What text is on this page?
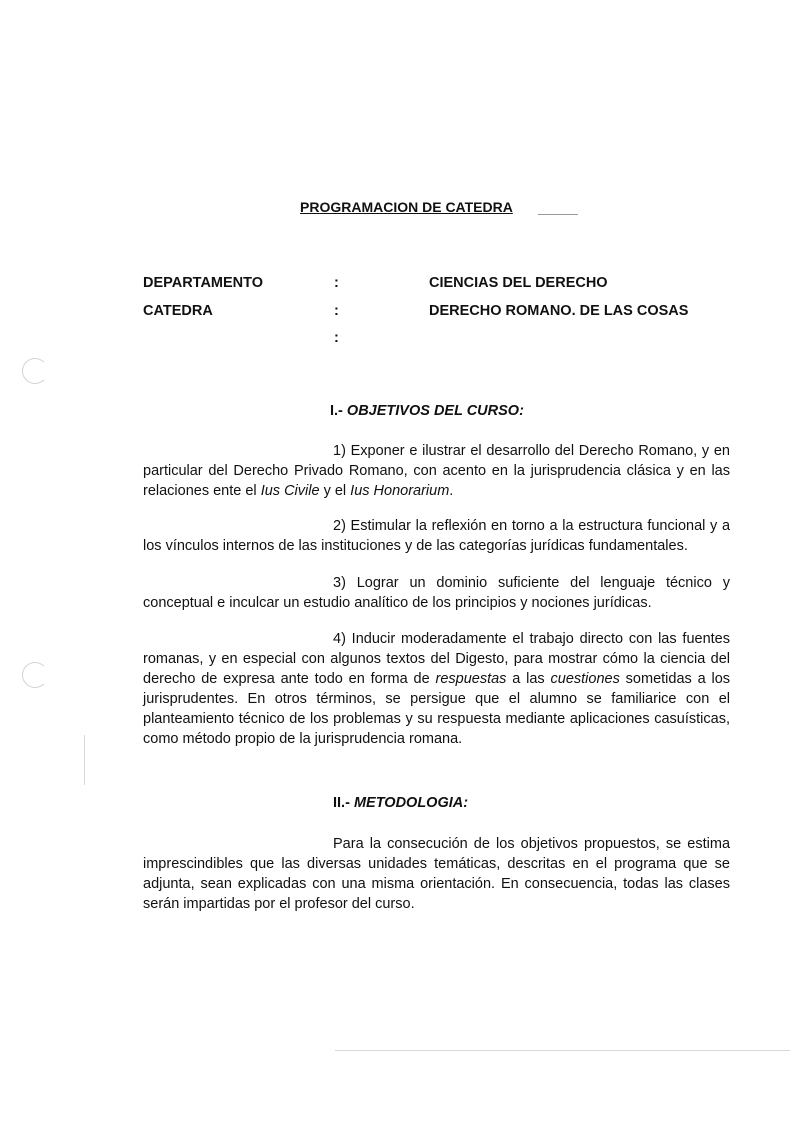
PROGRAMACION DE CATEDRA
DEPARTAMENTO	:	CIENCIAS DEL DERECHO
CATEDRA	:	DERECHO ROMANO. DE LAS COSAS
:
I.- OBJETIVOS DEL CURSO:
1) Exponer e ilustrar el desarrollo del Derecho Romano, y en particular del Derecho Privado Romano, con acento en la jurisprudencia clásica y en las relaciones ente el Ius Civile y el Ius Honorarium.
2) Estimular la reflexión en torno a la estructura funcional y a los vínculos internos de las instituciones y de las categorías jurídicas fundamentales.
3) Lograr un dominio suficiente del lenguaje técnico y conceptual e inculcar un estudio analítico de los principios y nociones jurídicas.
4) Inducir moderadamente el trabajo directo con las fuentes romanas, y en especial con algunos textos del Digesto, para mostrar cómo la ciencia del derecho de expresa ante todo en forma de respuestas a las cuestiones sometidas a los jurisprudentes. En otros términos, se persigue que el alumno se familiarice con el planteamiento técnico de los problemas y su respuesta mediante aplicaciones casuísticas, como método propio de la jurisprudencia romana.
II.- METODOLOGIA:
Para la consecución de los objetivos propuestos, se estima imprescindibles que las diversas unidades temáticas, descritas en el programa que se adjunta, sean explicadas con una misma orientación. En consecuencia, todas las clases serán impartidas por el profesor del curso.
